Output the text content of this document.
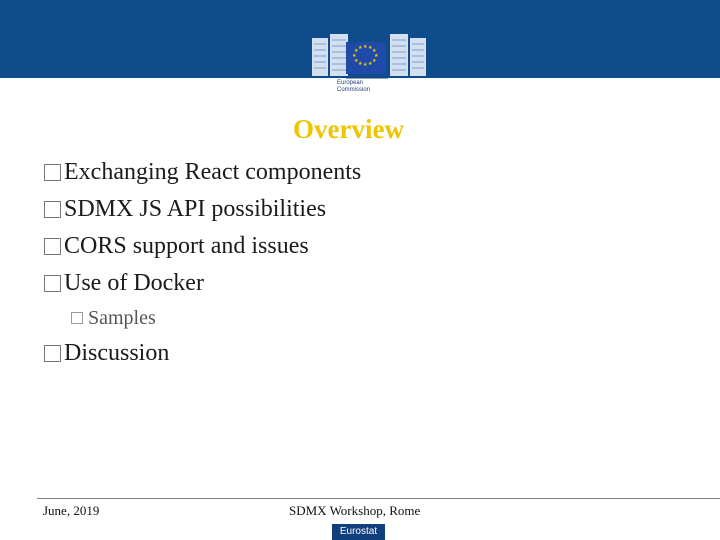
★ ★ ★
★
★
★
★
★
★
★
★ ★
European
Commission
Overview
Exchanging React components
SDMX JS API possibilities
CORS support and issues
Use of Docker
Samples
Discussion
June, 2019	SDMX Workshop, Rome
Eurostat
